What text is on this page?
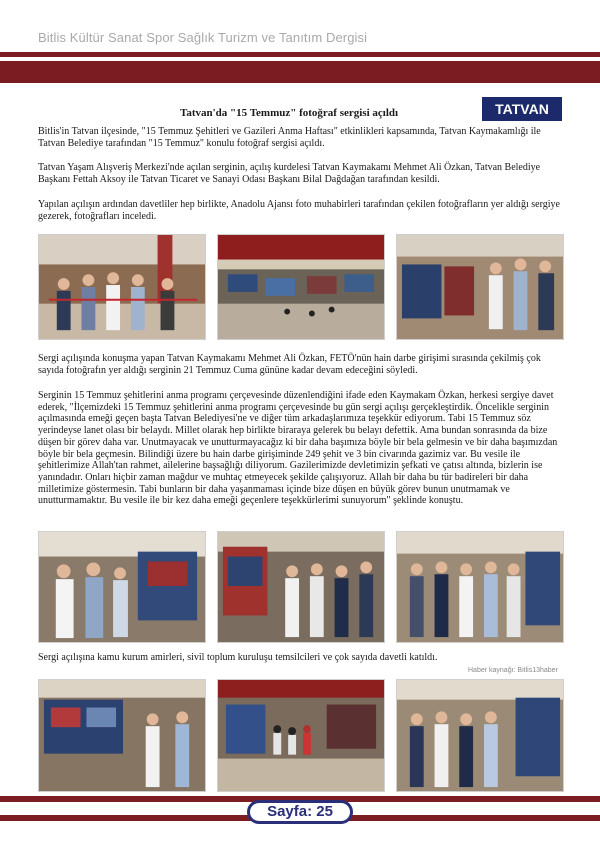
Bitlis Kültür Sanat Spor Sağlık Turizm ve Tanıtım Dergisi
TATVAN
Tatvan'da "15 Temmuz" fotoğraf sergisi açıldı

Bitlis'in Tatvan ilçesinde, "15 Temmuz Şehitleri ve Gazileri Anma Haftası" etkinlikleri kapsamında, Tatvan Kaymakamlığı ile Tatvan Belediye tarafından "15 Temmuz" konulu fotoğraf sergisi açıldı.

Tatvan Yaşam Alışveriş Merkezi'nde açılan serginin, açılış kurdelesi Tatvan Kaymakamı Mehmet Ali Özkan, Tatvan Belediye Başkanı Fettah Aksoy ile Tatvan Ticaret ve Sanayi Odası Başkanı Bilal Dağdağan tarafından kesildi.

Yapılan açılışın ardından davetliler hep birlikte, Anadolu Ajansı foto muhabirleri tarafından çekilen fotoğrafların yer aldığı sergiye gezerek, fotoğrafları inceledi.

Sergi açılışında konuşma yapan Tatvan Kaymakamı Mehmet Ali Özkan, FETÖ'nün hain darbe girişimi sırasında çekilmiş çok sayıda fotoğrafın yer aldığı serginin 21 Temmuz Cuma gününe kadar devam edeceğini söyledi.

Serginin 15 Temmuz şehitlerini anma programı çerçevesinde düzenlendiğini ifade eden Kaymakam Özkan, herkesi sergiye davet ederek, "İlçemizdeki 15 Temmuz şehitlerini anma programı çerçevesinde bu gün sergi açılışı gerçekleştirdik. Öncelikle serginin açılmasında emeği geçen başta Tatvan Belediyesi'ne ve diğer tüm arkadaşlarımıza teşekkür ediyorum. Tabi 15 Temmuz söz yerindeyse lanet olası bir belaydı. Millet olarak hep birlikte biraraya gelerek bu belayı defettik. Ama bundan sonrasında da bize düşen bir görev daha var. Unutmayacak ve unutturmayacağız ki bir daha başımıza böyle bir bela gelmesin ve bir daha başımızdan böyle bir bela geçmesin. Bilindiği üzere bu hain darbe girişiminde 249 şehit ve 3 bin civarında gazimiz var. Bu vesile ile şehitlerimize Allah'tan rahmet, ailelerine başsağlığı diliyorum. Gazilerimizde devletimizin şefkati ve çatısı altında, bizlerin ise yanındadır. Onları hiçbir zaman mağdur ve muhtaç etmeyecek şekilde çalışıyoruz. Allah bir daha bu tür badireleri bir daha milletimize göstermesin. Tabi bunların bir daha yaşanmaması içinde bize düşen en büyük görev bunun unutmamak ve unutturmamaktır. Bu vesile ile bir kez daha emeği geçenlere teşekkürlerimi sunuyorum" şeklinde konuştu.

Sergi açılışına kamu kurum amirleri, sivil toplum kuruluşu temsilcileri ve çok sayıda davetli katıldı.

Haber kaynağı: Bitlis13haber
Sayfa: 25
